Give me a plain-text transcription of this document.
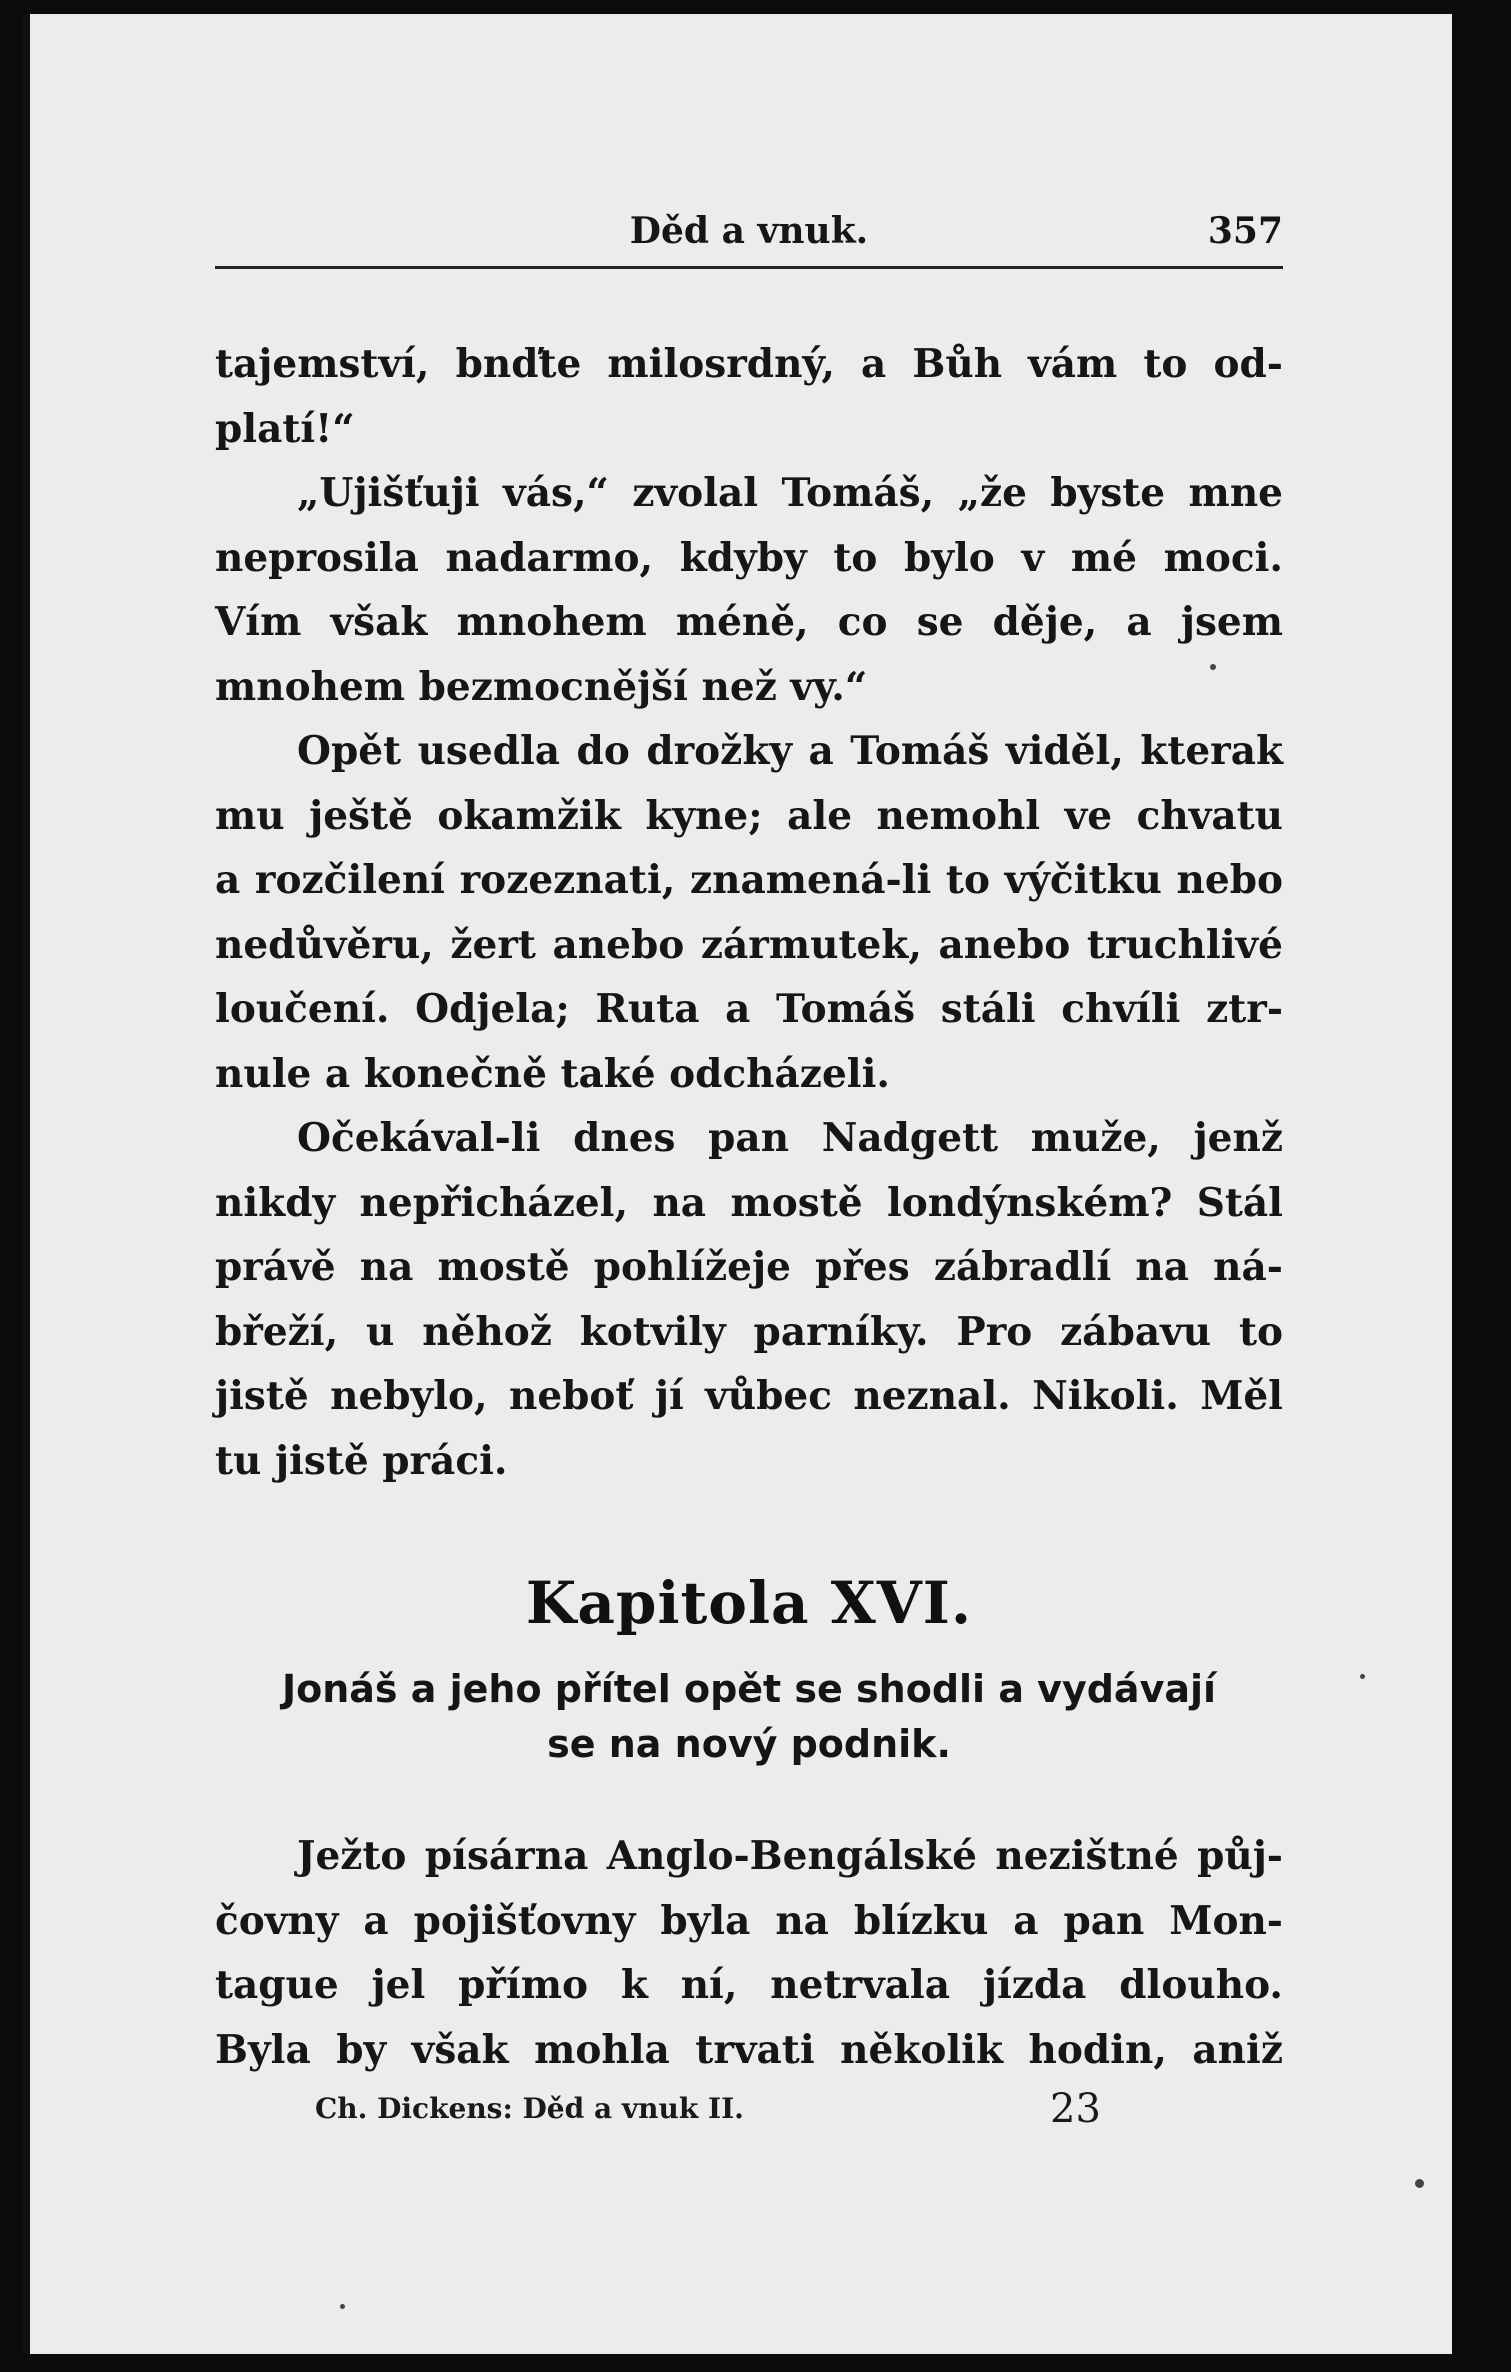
Děd a vnuk.	357
tajemství, bnďte milosrdný, a Bůh vám to od-
platí!“
„Ujišťuji vás,“ zvolal Tomáš, „že byste mne
neprosila nadarmo, kdyby to bylo v mé moci.
Vím však mnohem méně, co se děje, a jsem
mnohem bezmocnější než vy.“
Opět usedla do drožky a Tomáš viděl, kterak
mu ještě okamžik kyne; ale nemohl ve chvatu
a rozčilení rozeznati, znamená-li to výčitku nebo
nedůvěru, žert anebo zármutek, anebo truchlivé
loučení. Odjela; Ruta a Tomáš stáli chvíli ztr-
nule a konečně také odcházeli.
Očekával-li dnes pan Nadgett muže, jenž
nikdy nepřicházel, na mostě londýnském? Stál
právě na mostě pohlížeje přes zábradlí na ná-
břeží, u něhož kotvily parníky. Pro zábavu to
jistě nebylo, neboť jí vůbec neznal. Nikoli. Měl
tu jistě práci.
Kapitola XVI.
Jonáš a jeho přítel opět se shodli a vydávají
se na nový podnik.
Ježto písárna Anglo-Bengálské nezištné půj-
čovny a pojišťovny byla na blízku a pan Mon-
tague jel přímo k ní, netrvala jízda dlouho.
Byla by však mohla trvati několik hodin, aniž
Ch. Dickens: Děd a vnuk II.	23
